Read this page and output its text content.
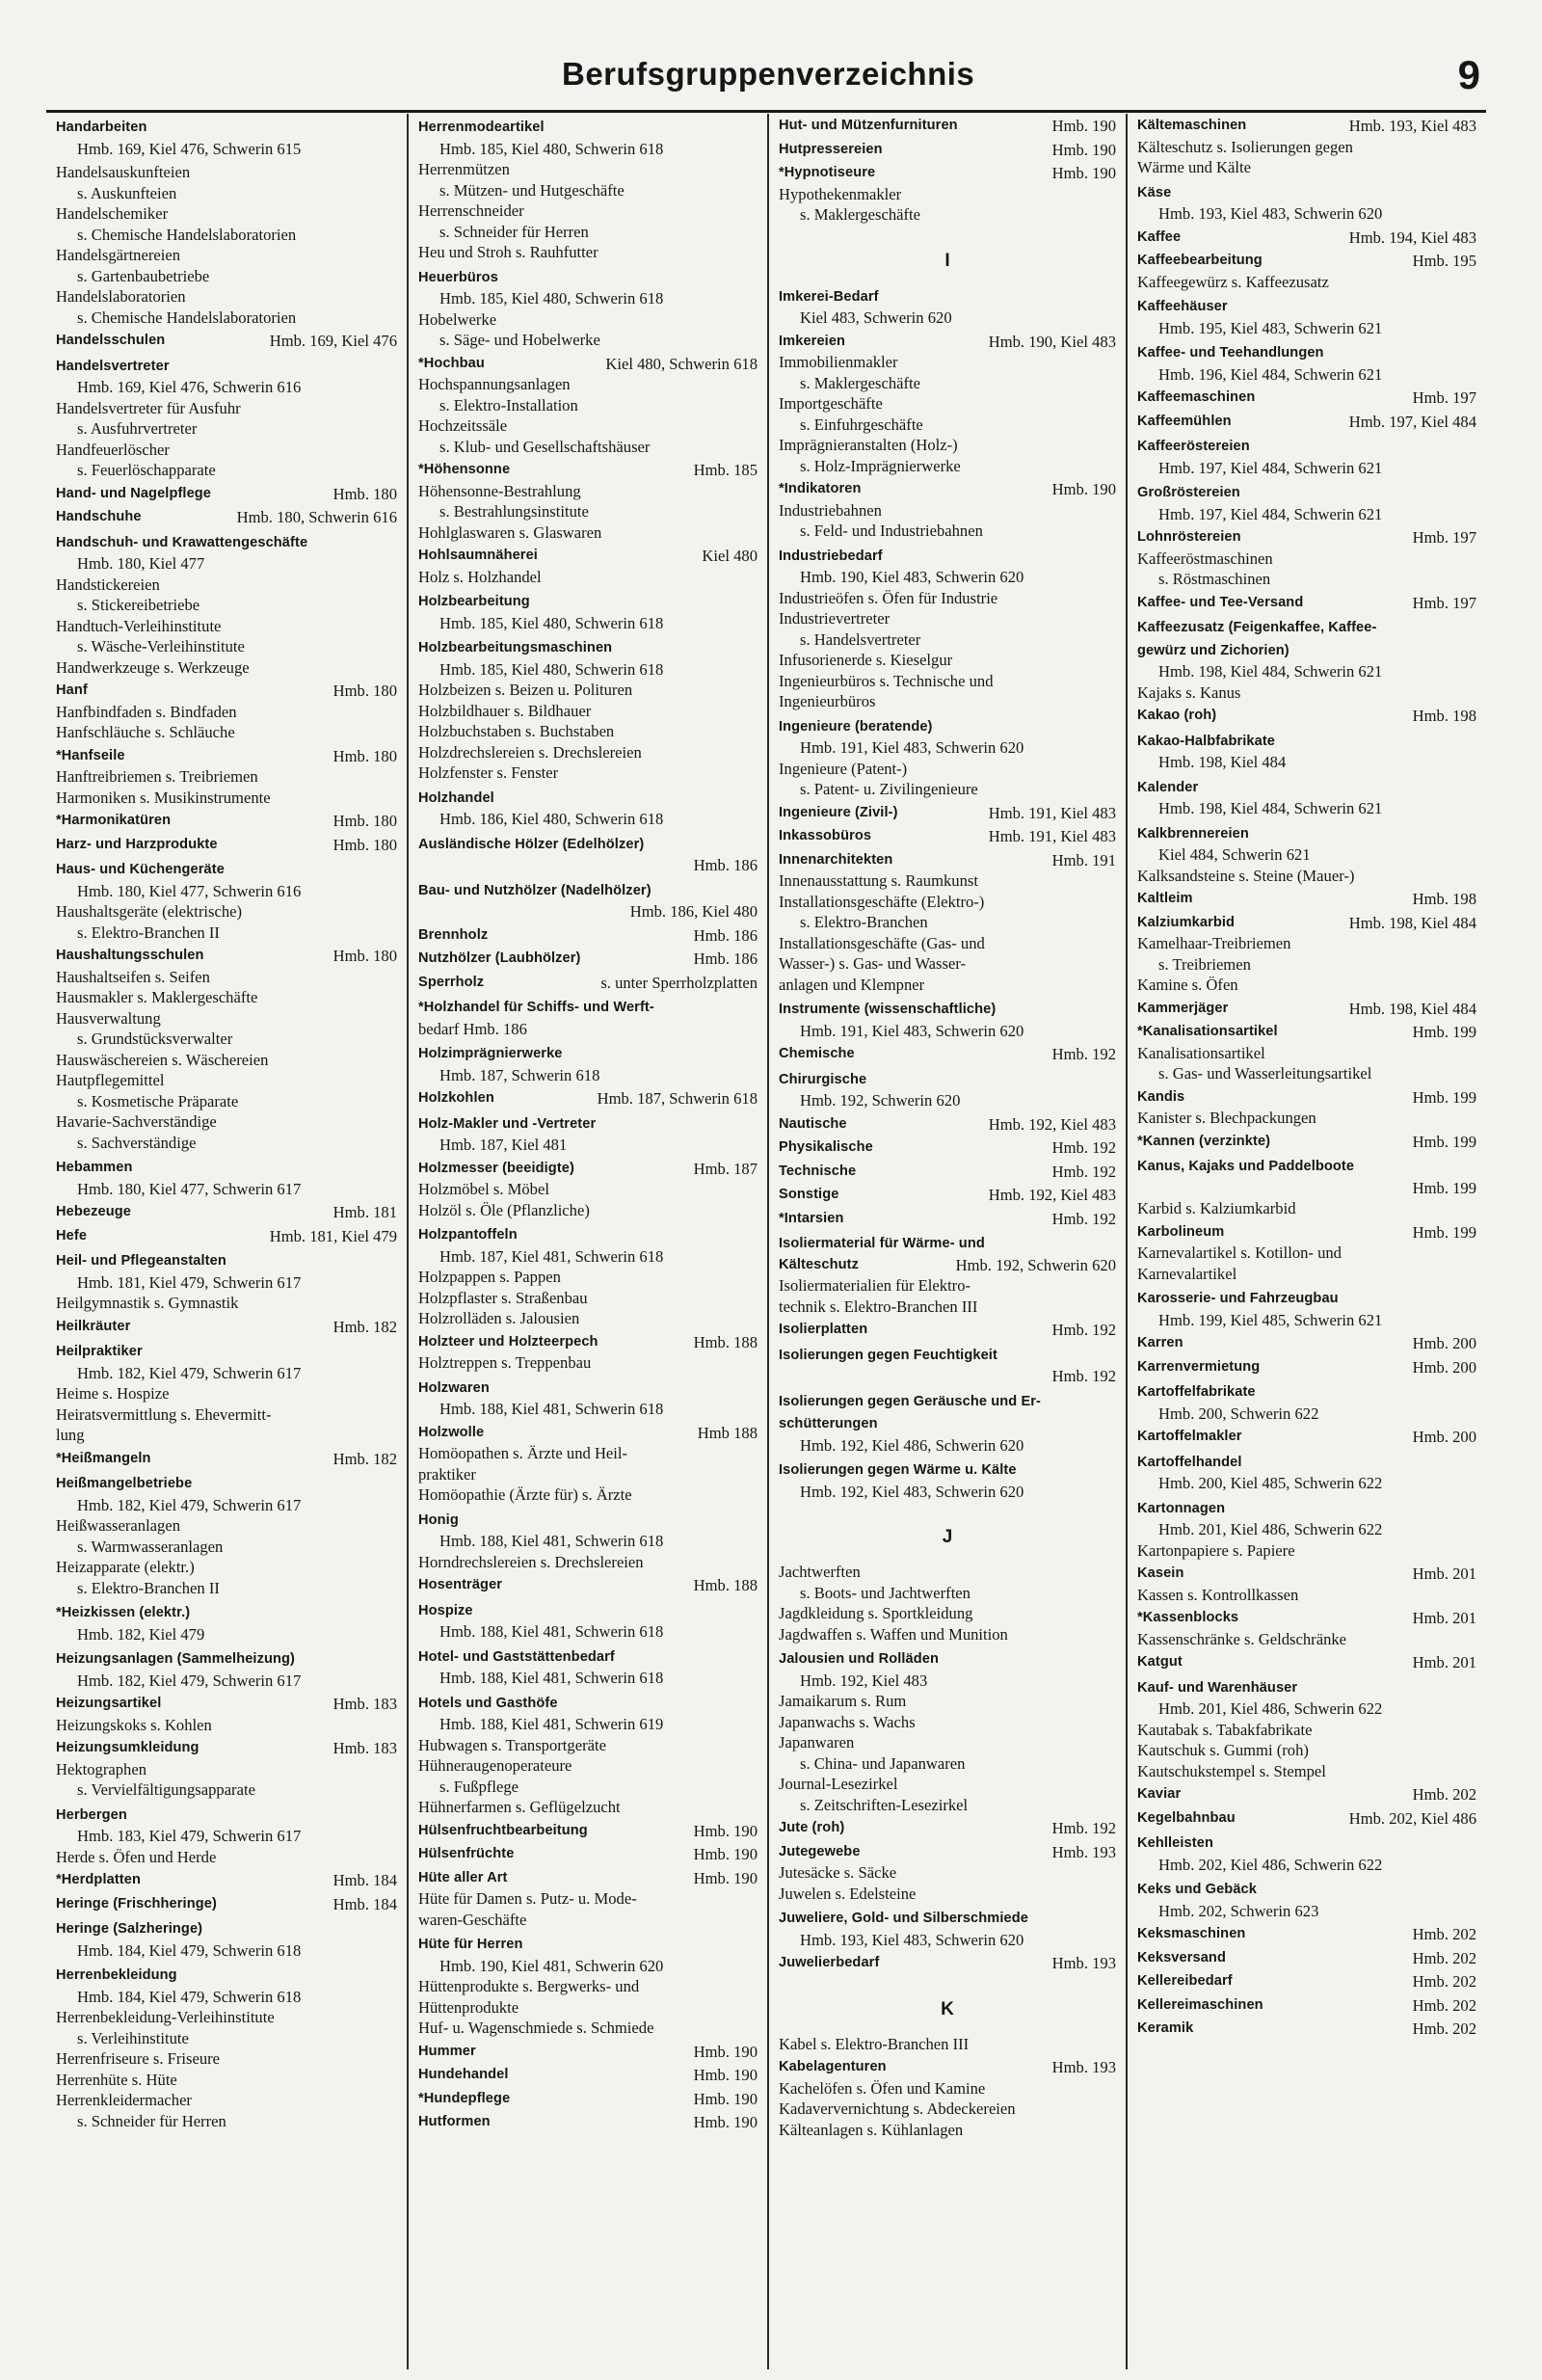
Berufsgruppenverzeichnis	9
Handarbeiten
Hmb. 169, Kiel 476, Schwerin 615
Handelsauskunfteien
s. Auskunfteien
Handelschemiker
s. Chemische Handelslaboratorien
Handelsgärtnereien
s. Gartenbaubetriebe
Handelslaboratorien
s. Chemische Handelslaboratorien
Handelsschulen	Hmb. 169, Kiel 476
Handelsvertreter
Hmb. 169, Kiel 476, Schwerin 616
Handelsvertreter für Ausfuhr
s. Ausfuhrvertreter
Handfeuerlöscher
s. Feuerlöschapparate
Hand- und Nagelpflege	Hmb. 180
Handschuhe	Hmb. 180, Schwerin 616
Handschuh- und Krawattengeschäfte
Hmb. 180, Kiel 477
Handstickereien
s. Stickereibetriebe
Handtuch-Verleihinstitute
s. Wäsche-Verleihinstitute
Handwerkzeuge s. Werkzeuge
Hanf	Hmb. 180
Hanfbindfaden s. Bindfaden
Hanfschläuche s. Schläuche
*Hanfseile	Hmb. 180
Hanftreibriemen s. Treibriemen
Harmoniken s. Musikinstrumente
*Harmonikatüren	Hmb. 180
Harz- und Harzprodukte	Hmb. 180
Haus- und Küchengeräte
Hmb. 180, Kiel 477, Schwerin 616
Haushaltsgeräte (elektrische)
s. Elektro-Branchen II
Haushaltungsschulen	Hmb. 180
Haushaltseifen s. Seifen
Hausmakler s. Maklergeschäfte
Hausverwaltung
s. Grundstücksverwalter
Hauswäschereien s. Wäschereien
Hautpflegemittel
s. Kosmetische Präparate
Havarie-Sachverständige
s. Sachverständige
Hebammen
Hmb. 180, Kiel 477, Schwerin 617
Hebezeuge	Hmb. 181
Hefe	Hmb. 181, Kiel 479
Heil- und Pflegeanstalten
Hmb. 181, Kiel 479, Schwerin 617
Heilgymnastik s. Gymnastik
Heilkräuter	Hmb. 182
Heilpraktiker
Hmb. 182, Kiel 479, Schwerin 617
Heime s. Hospize
Heiratsvermittlung s. Ehevermitt-
lung
*Heißmangeln	Hmb. 182
Heißmangelbetriebe
Hmb. 182, Kiel 479, Schwerin 617
Heißwasseranlagen
s. Warmwasseranlagen
Heizapparate (elektr.)
s. Elektro-Branchen II
*Heizkissen (elektr.)
Hmb. 182, Kiel 479
Heizungsanlagen (Sammelheizung)
Hmb. 182, Kiel 479, Schwerin 617
Heizungsartikel	Hmb. 183
Heizungskoks s. Kohlen
Heizungsumkleidung	Hmb. 183
Hektographen
s. Vervielfältigungsapparate
Herbergen
Hmb. 183, Kiel 479, Schwerin 617
Herde s. Öfen und Herde
*Herdplatten	Hmb. 184
Heringe (Frischheringe)	Hmb. 184
Heringe (Salzheringe)
Hmb. 184, Kiel 479, Schwerin 618
Herrenbekleidung
Hmb. 184, Kiel 479, Schwerin 618
Herrenbekleidung-Verleihinstitute
s. Verleihinstitute
Herrenfriseure s. Friseure
Herrenhüte s. Hüte
Herrenkleidermacher
s. Schneider für Herren
Herrenmodeartikel
Hmb. 185, Kiel 480, Schwerin 618
Herrenmützen
s. Mützen- und Hutgeschäfte
Herrenschneider
s. Schneider für Herren
Heu und Stroh s. Rauhfutter
Heuerbüros
Hmb. 185, Kiel 480, Schwerin 618
Hobelwerke
s. Säge- und Hobelwerke
*Hochbau	Kiel 480, Schwerin 618
Hochspannungsanlagen
s. Elektro-Installation
Hochzeitssäle
s. Klub- und Gesellschaftshäuser
*Höhensonne	Hmb. 185
Höhensonne-Bestrahlung
s. Bestrahlungsinstitute
Hohlglaswaren s. Glaswaren
Hohlsaumnäherei	Kiel 480
Holz s. Holzhandel
Holzbearbeitung
Hmb. 185, Kiel 480, Schwerin 618
Holzbearbeitungsmaschinen
Hmb. 185, Kiel 480, Schwerin 618
Holzbeizen s. Beizen u. Polituren
Holzbildhauer s. Bildhauer
Holzbuchstaben s. Buchstaben
Holzdrechslereien s. Drechslereien
Holzfenster s. Fenster
Holzhandel
Hmb. 186, Kiel 480, Schwerin 618
Ausländische Hölzer (Edelhölzer)
Hmb. 186
Bau- und Nutzhölzer (Nadelhölzer)
Hmb. 186, Kiel 480
Brennholz	Hmb. 186
Nutzhölzer (Laubhölzer)	Hmb. 186
Sperrholz	s. unter Sperrholzplatten
*Holzhandel für Schiffs- und Werft-
bedarf Hmb. 186
Holzimprägnierwerke
Hmb. 187, Schwerin 618
Holzkohlen	Hmb. 187, Schwerin 618
Holz-Makler und -Vertreter
Hmb. 187, Kiel 481
Holzmesser (beeidigte)	Hmb. 187
Holzmöbel s. Möbel
Holzöl s. Öle (Pflanzliche)
Holzpantoffeln
Hmb. 187, Kiel 481, Schwerin 618
Holzpappen s. Pappen
Holzpflaster s. Straßenbau
Holzrolläden s. Jalousien
Holzteer und Holzteerpech	Hmb. 188
Holztreppen s. Treppenbau
Holzwaren
Hmb. 188, Kiel 481, Schwerin 618
Holzwolle	Hmb 188
Homöopathen s. Ärzte und Heil-
praktiker
Homöopathie (Ärzte für) s. Ärzte
Honig
Hmb. 188, Kiel 481, Schwerin 618
Horndrechslereien s. Drechslereien
Hosenträger	Hmb. 188
Hospize
Hmb. 188, Kiel 481, Schwerin 618
Hotel- und Gaststättenbedarf
Hmb. 188, Kiel 481, Schwerin 618
Hotels und Gasthöfe
Hmb. 188, Kiel 481, Schwerin 619
Hubwagen s. Transportgeräte
Hühneraugenoperateure
s. Fußpflege
Hühnerfarmen s. Geflügelzucht
Hülsenfruchtbearbeitung	Hmb. 190
Hülsenfrüchte	Hmb. 190
Hüte aller Art	Hmb. 190
Hüte für Damen s. Putz- u. Mode-
waren-Geschäfte
Hüte für Herren
Hmb. 190, Kiel 481, Schwerin 620
Hüttenprodukte s. Bergwerks- und
Hüttenprodukte
Huf- u. Wagenschmiede s. Schmiede
Hummer	Hmb. 190
Hundehandel	Hmb. 190
*Hundepflege	Hmb. 190
Hutformen	Hmb. 190
Hut- und Mützenfurnituren	Hmb. 190
Hutpressereien	Hmb. 190
*Hypnotiseure	Hmb. 190
Hypothekenmakler
s. Maklergeschäfte
I
Imkerei-Bedarf
Kiel 483, Schwerin 620
Imkereien	Hmb. 190, Kiel 483
Immobilienmakler
s. Maklergeschäfte
Importgeschäfte
s. Einfuhrgeschäfte
Imprägnieranstalten (Holz-)
s. Holz-Imprägnierwerke
*Indikatoren	Hmb. 190
Industriebahnen
s. Feld- und Industriebahnen
Industriebedarf
Hmb. 190, Kiel 483, Schwerin 620
Industrieöfen s. Öfen für Industrie
Industrievertreter
s. Handelsvertreter
Infusorienerde s. Kieselgur
Ingenieurbüros s. Technische und
Ingenieurbüros
Ingenieure (beratende)
Hmb. 191, Kiel 483, Schwerin 620
Ingenieure (Patent-)
s. Patent- u. Zivilingenieure
Ingenieure (Zivil-)	Hmb. 191, Kiel 483
Inkassobüros	Hmb. 191, Kiel 483
Innenarchitekten	Hmb. 191
Innenausstattung s. Raumkunst
Installationsgeschäfte (Elektro-)
s. Elektro-Branchen
Installationsgeschäfte (Gas- und
Wasser-) s. Gas- und Wasser-
anlagen und Klempner
Instrumente (wissenschaftliche)
Hmb. 191, Kiel 483, Schwerin 620
Chemische	Hmb. 192
Chirurgische
Hmb. 192, Schwerin 620
Nautische	Hmb. 192, Kiel 483
Physikalische	Hmb. 192
Technische	Hmb. 192
Sonstige	Hmb. 192, Kiel 483
*Intarsien	Hmb. 192
Isoliermaterial für Wärme- und
Kälteschutz	Hmb. 192, Schwerin 620
Isoliermaterialien für Elektro-
technik s. Elektro-Branchen III
Isolierplatten	Hmb. 192
Isolierungen gegen Feuchtigkeit
Hmb. 192
Isolierungen gegen Geräusche und Er-
schütterungen
Hmb. 192, Kiel 486, Schwerin 620
Isolierungen gegen Wärme u. Kälte
Hmb. 192, Kiel 483, Schwerin 620
J
Jachtwerften
s. Boots- und Jachtwerften
Jagdkleidung s. Sportkleidung
Jagdwaffen s. Waffen und Munition
Jalousien und Rolläden
Hmb. 192, Kiel 483
Jamaikarum s. Rum
Japanwachs s. Wachs
Japanwaren
s. China- und Japanwaren
Journal-Lesezirkel
s. Zeitschriften-Lesezirkel
Jute (roh)	Hmb. 192
Jutegewebe	Hmb. 193
Jutesäcke s. Säcke
Juwelen s. Edelsteine
Juweliere, Gold- und Silberschmiede
Hmb. 193, Kiel 483, Schwerin 620
Juwelierbedarf	Hmb. 193
K
Kabel s. Elektro-Branchen III
Kabelagenturen	Hmb. 193
Kachelöfen s. Öfen und Kamine
Kadaververnichtung s. Abdeckereien
Kälteanlagen s. Kühlanlagen
Kältemaschinen	Hmb. 193, Kiel 483
Kälteschutz s. Isolierungen gegen
Wärme und Kälte
Käse
Hmb. 193, Kiel 483, Schwerin 620
Kaffee	Hmb. 194, Kiel 483
Kaffeebearbeitung	Hmb. 195
Kaffeegewürz s. Kaffeezusatz
Kaffeehäuser
Hmb. 195, Kiel 483, Schwerin 621
Kaffee- und Teehandlungen
Hmb. 196, Kiel 484, Schwerin 621
Kaffeemaschinen	Hmb. 197
Kaffeemühlen	Hmb. 197, Kiel 484
Kaffeeröstereien
Hmb. 197, Kiel 484, Schwerin 621
Großröstereien
Hmb. 197, Kiel 484, Schwerin 621
Lohnröstereien	Hmb. 197
Kaffeeröstmaschinen
s. Röstmaschinen
Kaffee- und Tee-Versand	Hmb. 197
Kaffeezusatz (Feigenkaffee, Kaffee-
gewürz und Zichorien)
Hmb. 198, Kiel 484, Schwerin 621
Kajaks s. Kanus
Kakao (roh)	Hmb. 198
Kakao-Halbfabrikate
Hmb. 198, Kiel 484
Kalender
Hmb. 198, Kiel 484, Schwerin 621
Kalkbrennereien
Kiel 484, Schwerin 621
Kalksandsteine s. Steine (Mauer-)
Kaltleim	Hmb. 198
Kalziumkarbid	Hmb. 198, Kiel 484
Kamelhaar-Treibriemen
s. Treibriemen
Kamine s. Öfen
Kammerjäger	Hmb. 198, Kiel 484
*Kanalisationsartikel	Hmb. 199
Kanalisationsartikel
s. Gas- und Wasserleitungsartikel
Kandis	Hmb. 199
Kanister s. Blechpackungen
*Kannen (verzinkte)	Hmb. 199
Kanus, Kajaks und Paddelboote
Hmb. 199
Karbid s. Kalziumkarbid
Karbolineum	Hmb. 199
Karnevalartikel s. Kotillon- und
Karnevalartikel
Karosserie- und Fahrzeugbau
Hmb. 199, Kiel 485, Schwerin 621
Karren	Hmb. 200
Karrenvermietung	Hmb. 200
Kartoffelfabrikate
Hmb. 200, Schwerin 622
Kartoffelmakler	Hmb. 200
Kartoffelhandel
Hmb. 200, Kiel 485, Schwerin 622
Kartonnagen
Hmb. 201, Kiel 486, Schwerin 622
Kartonpapiere s. Papiere
Kasein	Hmb. 201
Kassen s. Kontrollkassen
*Kassenblocks	Hmb. 201
Kassenschränke s. Geldschränke
Katgut	Hmb. 201
Kauf- und Warenhäuser
Hmb. 201, Kiel 486, Schwerin 622
Kautabak s. Tabakfabrikate
Kautschuk s. Gummi (roh)
Kautschukstempel s. Stempel
Kaviar	Hmb. 202
Kegelbahnbau	Hmb. 202, Kiel 486
Kehlleisten
Hmb. 202, Kiel 486, Schwerin 622
Keks und Gebäck
Hmb. 202, Schwerin 623
Keksmaschinen	Hmb. 202
Keksversand	Hmb. 202
Kellereibedarf	Hmb. 202
Kellereimaschinen	Hmb. 202
Keramik	Hmb. 202
